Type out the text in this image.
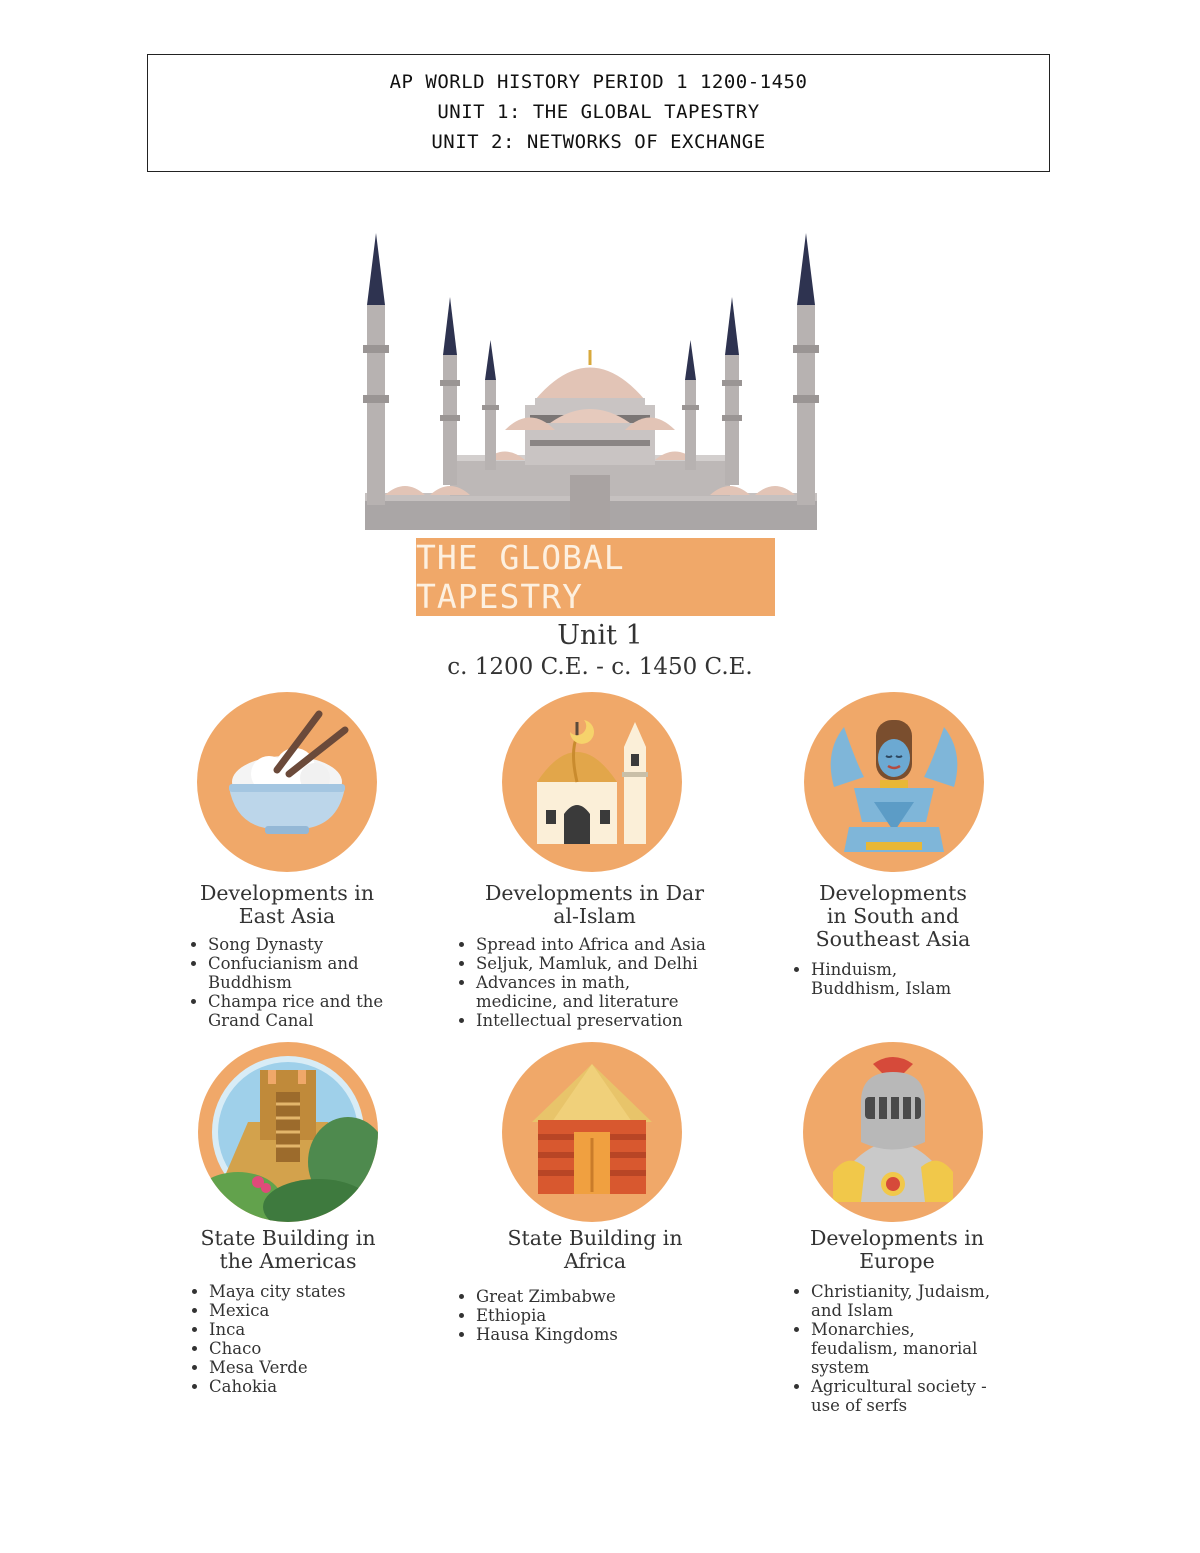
AP WORLD HISTORY PERIOD 1 1200-1450
UNIT 1: THE GLOBAL TAPESTRY
UNIT 2: NETWORKS OF EXCHANGE
THE GLOBAL TAPESTRY
Unit 1
c. 1200 C.E. - c. 1450 C.E.
Developments in
East Asia
• Song Dynasty
• Confucianism and
Buddhism
• Champa rice and the
Grand Canal
Developments in Dar
al-Islam
• Spread into Africa and Asia
• Seljuk, Mamluk, and Delhi
• Advances in math,
medicine, and literature
• Intellectual preservation
Developments
in South and
Southeast Asia
• Hinduism,
Buddhism, Islam
State Building in
the Americas
• Maya city states
• Mexica
• Inca
• Chaco
• Mesa Verde
• Cahokia
State Building in
Africa
• Great Zimbabwe
• Ethiopia
• Hausa Kingdoms
Developments in
Europe
• Christianity, Judaism,
and Islam
• Monarchies,
feudalism, manorial
system
• Agricultural society -
use of serfs
